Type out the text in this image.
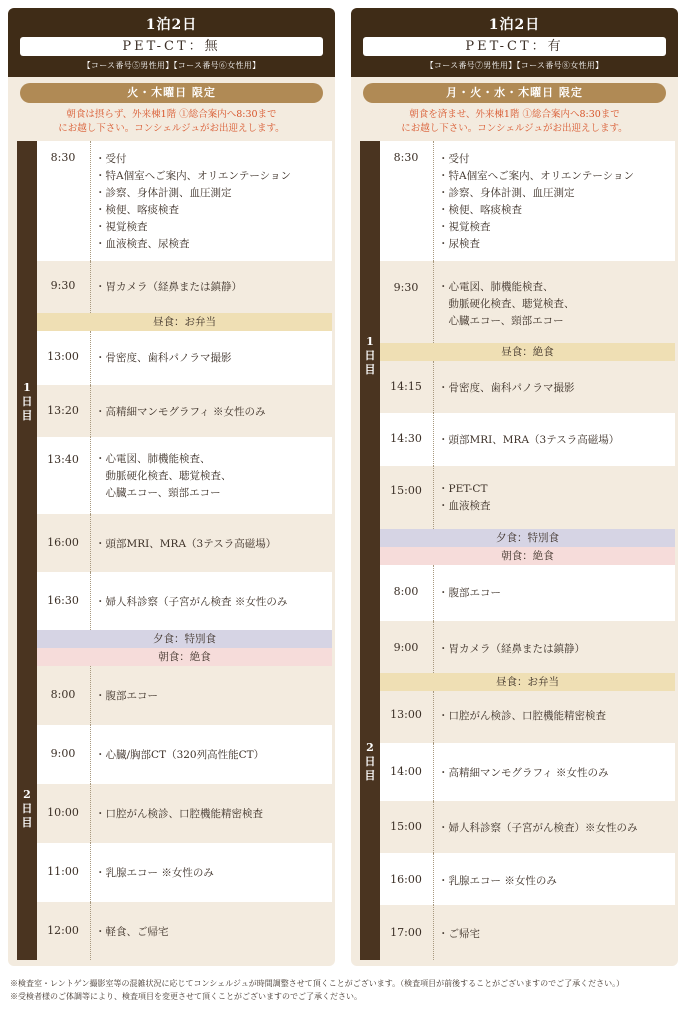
1泊2日
PET-CT：無
【コース番号⑤男性用】【コース番号⑥女性用】
火・木曜日 限定
朝食は摂らず、外来棟1階 ①総合案内へ8:30まで
にお越し下さい。コンシェルジュがお出迎えします。
1
日
目
2
日
目
8:30	・受付
・特A個室へご案内、オリエンテーション
・診察、身体計測、血圧測定
・検便、喀痰検査
・視覚検査
・血液検査、尿検査
9:30	・胃カメラ（経鼻または鎮静）
昼食：お弁当
13:00	・骨密度、歯科パノラマ撮影
13:20	・高精細マンモグラフィ ※女性のみ
13:40	・心電図、肺機能検査、
　動脈硬化検査、聴覚検査、
　心臓エコー、頸部エコー
16:00	・頭部MRI、MRA（3テスラ高磁場）
16:30	・婦人科診察（子宮がん検査 ※女性のみ
夕食：特別食
朝食：絶食
8:00	・腹部エコー
9:00	・心臓/胸部CT（320列高性能CT）
10:00	・口腔がん検診、口腔機能精密検査
11:00	・乳腺エコー ※女性のみ
12:00	・軽食、ご帰宅
1泊2日
PET-CT：有
【コース番号⑦男性用】【コース番号⑧女性用】
月・火・水・木曜日 限定
朝食を済ませ、外来棟1階 ①総合案内へ8:30まで
にお越し下さい。コンシェルジュがお出迎えします。
1
日
目
2
日
目
8:30	・受付
・特A個室へご案内、オリエンテーション
・診察、身体計測、血圧測定
・検便、喀痰検査
・視覚検査
・尿検査
9:30	・心電図、肺機能検査、
　動脈硬化検査、聴覚検査、
　心臓エコー、頸部エコー
昼食：絶食
14:15	・骨密度、歯科パノラマ撮影
14:30	・頭部MRI、MRA（3テスラ高磁場）
15:00	・PET-CT
・血液検査
夕食：特別食
朝食：絶食
8:00	・腹部エコー
9:00	・胃カメラ（経鼻または鎮静）
昼食：お弁当
13:00	・口腔がん検診、口腔機能精密検査
14:00	・高精細マンモグラフィ ※女性のみ
15:00	・婦人科診察（子宮がん検査）※女性のみ
16:00	・乳腺エコー ※女性のみ
17:00	・ご帰宅
※検査室・レントゲン撮影室等の混雑状況に応じてコンシェルジュが時間調整させて頂くことがございます。（検査項目が前後することがございますのでご了承ください。）
※受検者様のご体調等により、検査項目を変更させて頂くことがございますのでご了承ください。
